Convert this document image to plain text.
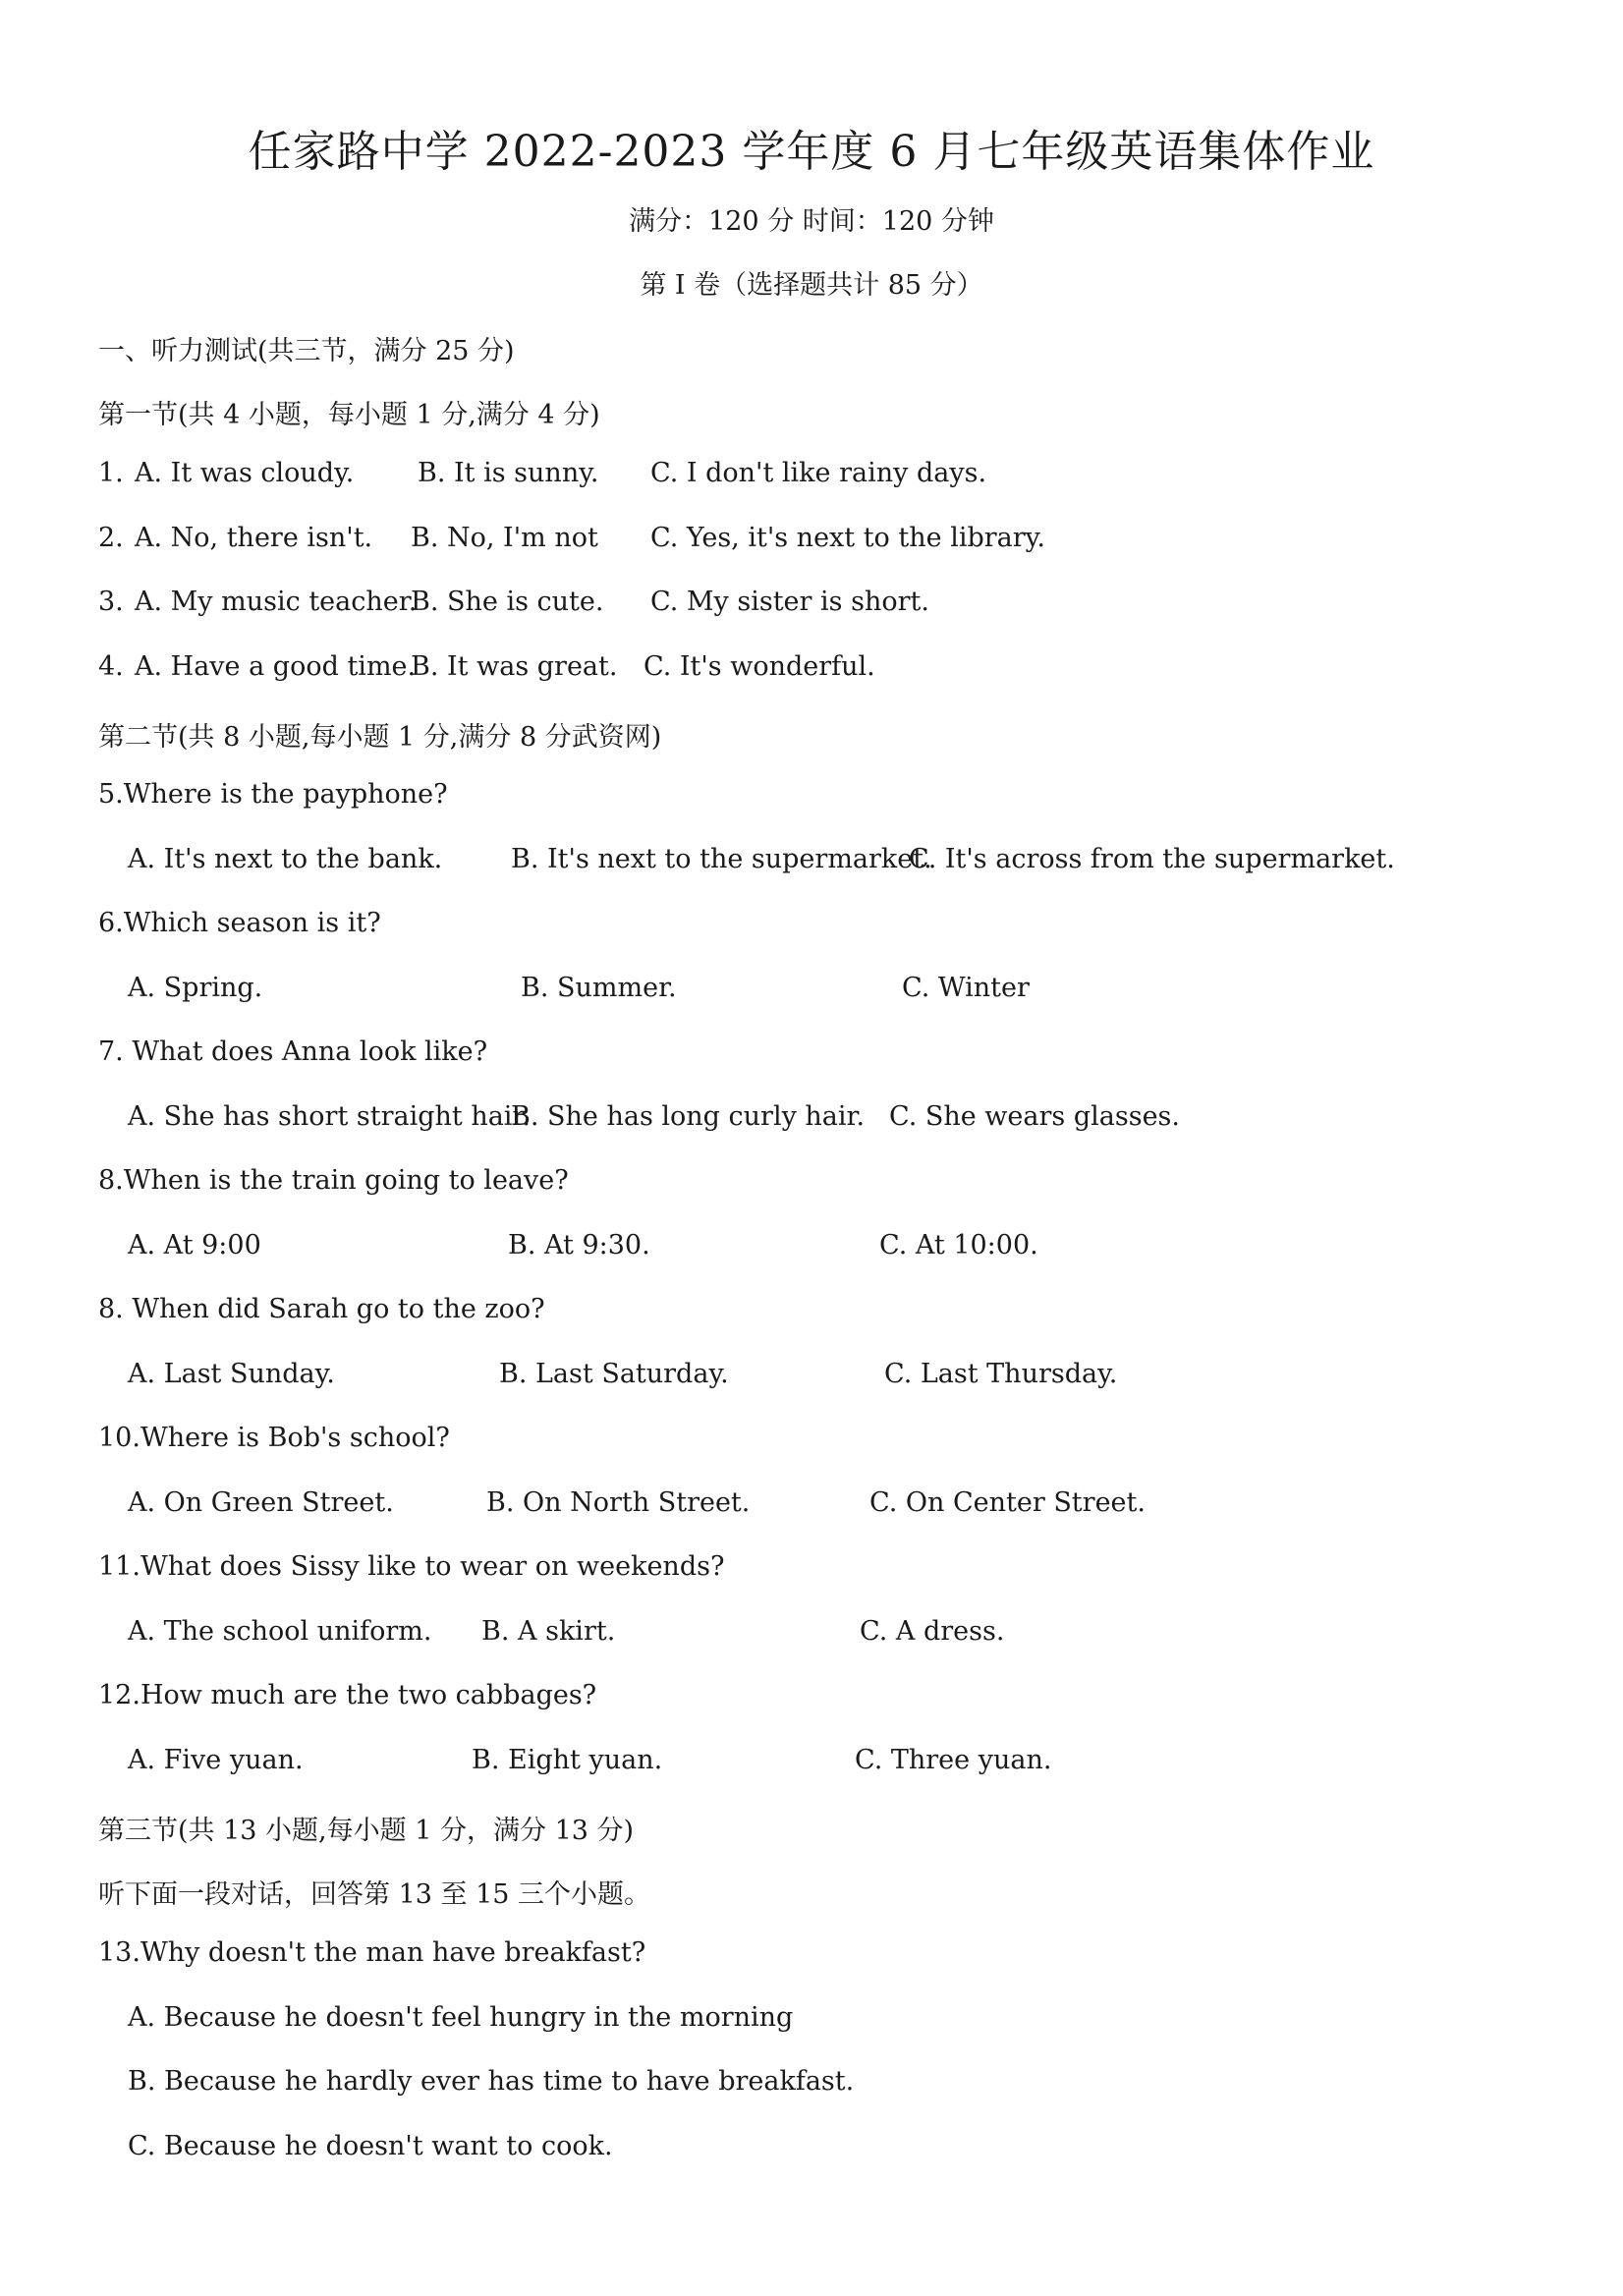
任家路中学 2022-2023 学年度 6 月七年级英语集体作业
满分：120 分 时间：120 分钟
第 I 卷（选择题共计 85 分）
一、听力测试(共三节，满分 25 分)
第一节(共 4 小题，每小题 1 分,满分 4 分)
1. A. It was cloudy. B. It is sunny. C. I don't like rainy days.
2. A. No, there isn't. B. No, I'm not C. Yes, it's next to the library.
3. A. My music teacher.
B. She is cute. C. My sister is short.
4. A. Have a good time.
B. It was great. C. It's wonderful.
第二节(共 8 小题,每小题 1 分,满分 8 分武资网)
5.Where is the payphone?
A. It's next to the bank.	B. It's next to the supermarket.
C. It's across from the supermarket.
6.Which season is it?
A. Spring.	B. Summer.	C. Winter
7. What does Anna look like?
A. She has short straight hair.
B. She has long curly hair. C. She wears glasses.
8.When is the train going to leave?
A. At 9:00	B. At 9:30.	C. At 10:00.
8. When did Sarah go to the zoo?
A. Last Sunday.	B. Last Saturday.	C. Last Thursday.
10.Where is Bob's school?
A. On Green Street.	B. On North Street.	C. On Center Street.
11.What does Sissy like to wear on weekends?
A. The school uniform. B. A skirt.	C. A dress.
12.How much are the two cabbages?
A. Five yuan.	B. Eight yuan.	C. Three yuan.
第三节(共 13 小题,每小题 1 分，满分 13 分)
听下面一段对话，回答第 13 至 15 三个小题。
13.Why doesn't the man have breakfast?
A. Because he doesn't feel hungry in the morning
B. Because he hardly ever has time to have breakfast.
C. Because he doesn't want to cook.
